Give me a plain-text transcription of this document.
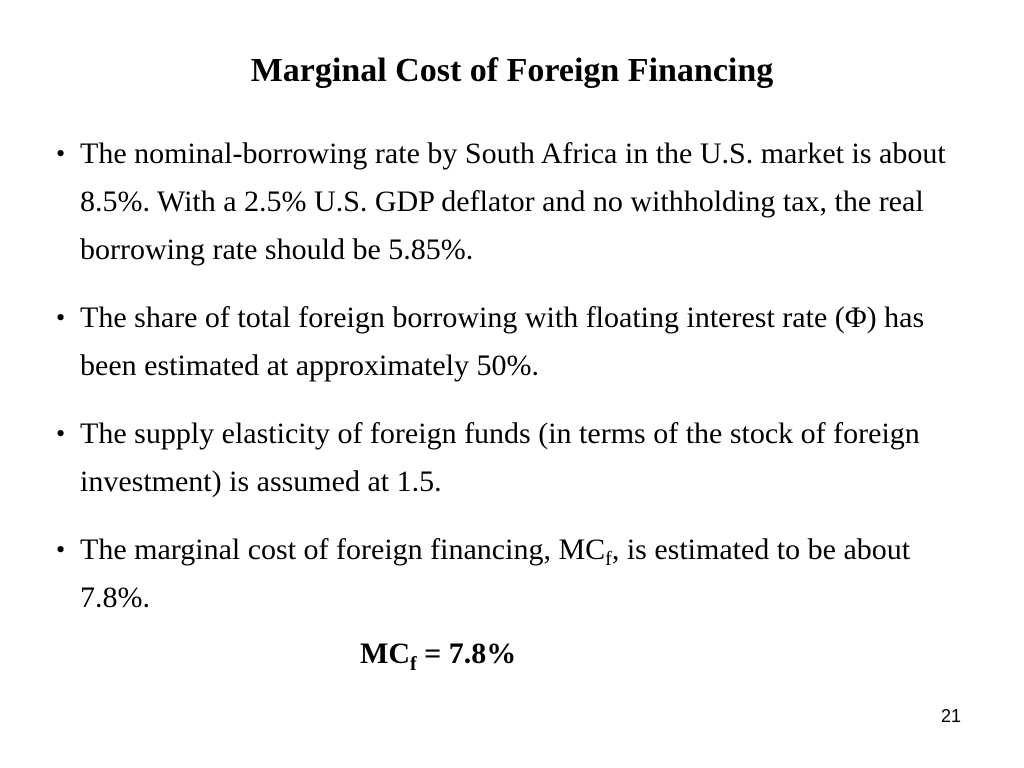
Marginal Cost of Foreign Financing
• The nominal-borrowing rate by South Africa in the U.S. market is about 8.5%. With a 2.5% U.S. GDP deflator and no withholding tax, the real borrowing rate should be 5.85%.
• The share of total foreign borrowing with floating interest rate (Φ) has been estimated at approximately 50%.
• The supply elasticity of foreign funds (in terms of the stock of foreign investment) is assumed at 1.5.
• The marginal cost of foreign financing, $MC_f$, is estimated to be about 7.8%.
$MC_f = 7.8\%$
21
